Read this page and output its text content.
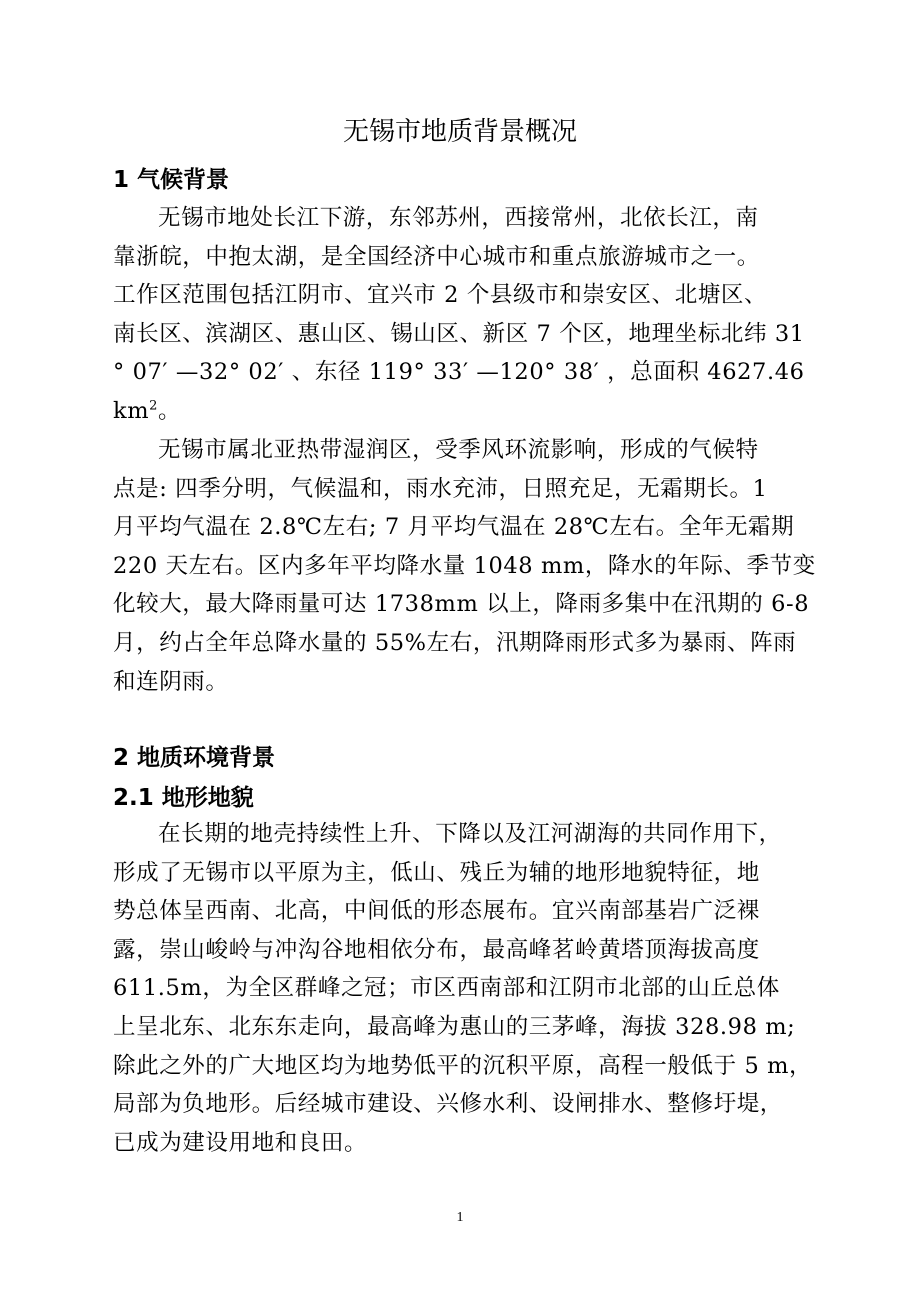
无锡市地质背景概况
1 气候背景
无锡市地处长江下游，东邻苏州，西接常州，北依长江，南
靠浙皖，中抱太湖，是全国经济中心城市和重点旅游城市之一。
工作区范围包括江阴市、宜兴市 2 个县级市和崇安区、北塘区、
南长区、滨湖区、惠山区、锡山区、新区 7 个区，地理坐标北纬 31
° 07′ —32° 02′ 、东径 119° 33′ —120° 38′ ，总面积 4627.46
$km^2$。
无锡市属北亚热带湿润区，受季风环流影响，形成的气候特
点是: 四季分明，气候温和，雨水充沛，日照充足，无霜期长。1
月平均气温在 2.8℃左右; 7 月平均气温在 28℃左右。全年无霜期
220 天左右。区内多年平均降水量 1048 mm，降水的年际、季节变
化较大，最大降雨量可达 1738mm 以上，降雨多集中在汛期的 6-8
月，约占全年总降水量的 55%左右，汛期降雨形式多为暴雨、阵雨
和连阴雨。
2 地质环境背景
2.1 地形地貌
在长期的地壳持续性上升、下降以及江河湖海的共同作用下，
形成了无锡市以平原为主，低山、残丘为辅的地形地貌特征，地
势总体呈西南、北高，中间低的形态展布。宜兴南部基岩广泛裸
露，崇山峻岭与冲沟谷地相依分布，最高峰茗岭黄塔顶海拔高度
611.5m，为全区群峰之冠；市区西南部和江阴市北部的山丘总体
上呈北东、北东东走向，最高峰为惠山的三茅峰，海拔 328.98 m;
除此之外的广大地区均为地势低平的沉积平原，高程一般低于 5 m，
局部为负地形。后经城市建设、兴修水利、设闸排水、整修圩堤，
已成为建设用地和良田。
1
